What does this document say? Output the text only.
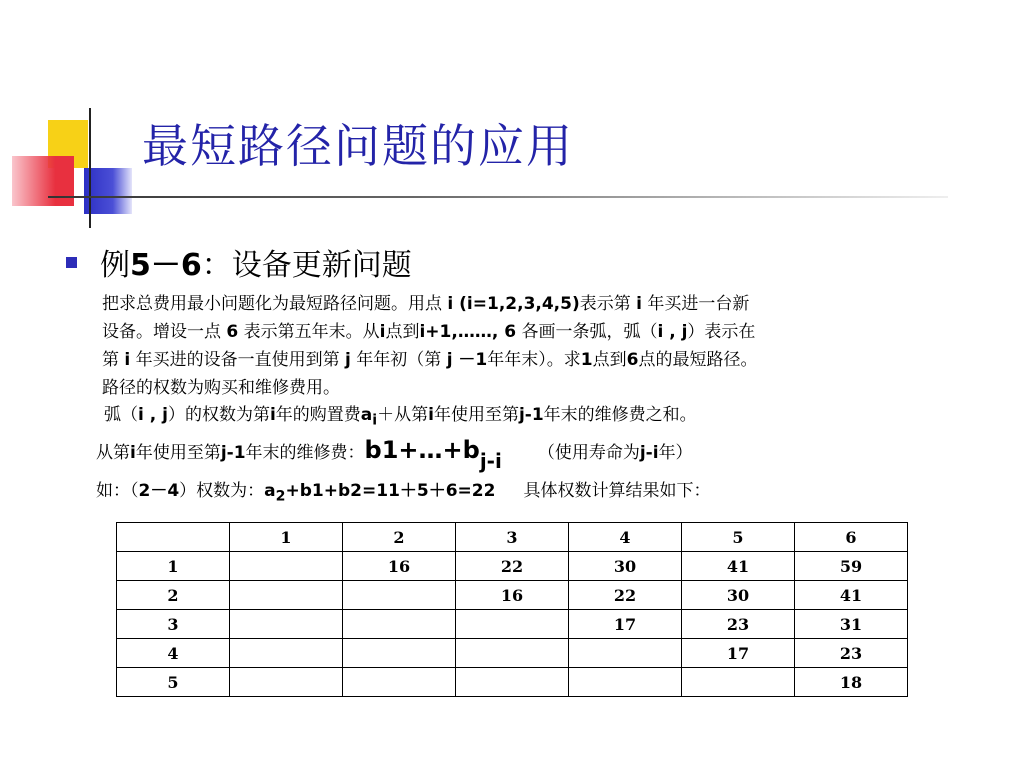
最短路径问题的应用
例5－6：设备更新问题
把求总费用最小问题化为最短路径问题。用点 i (i=1,2,3,4,5)表示第 i 年买进一台新
设备。增设一点 6 表示第五年末。从i点到i+1,……, 6 各画一条弧，弧（i , j）表示在
第 i 年买进的设备一直使用到第 j 年年初（第 j －1年年末）。求1点到6点的最短路径。
路径的权数为购买和维修费用。
弧（i , j）的权数为第i年的购置费$a_i+$从第i年使用至第j-1年末的维修费之和。
从第i年使用至第j-1年末的维修费：b1+…+bj-i （使用寿命为j-i年）
如：（2－4）权数为：$a_2+b1+b2=11+5+6=22$ 具体权数计算结果如下：
	1	2	3	4	5	6
1		16	22	30	41	59
2			16	22	30	41
3				17	23	31
4					17	23
5						18
